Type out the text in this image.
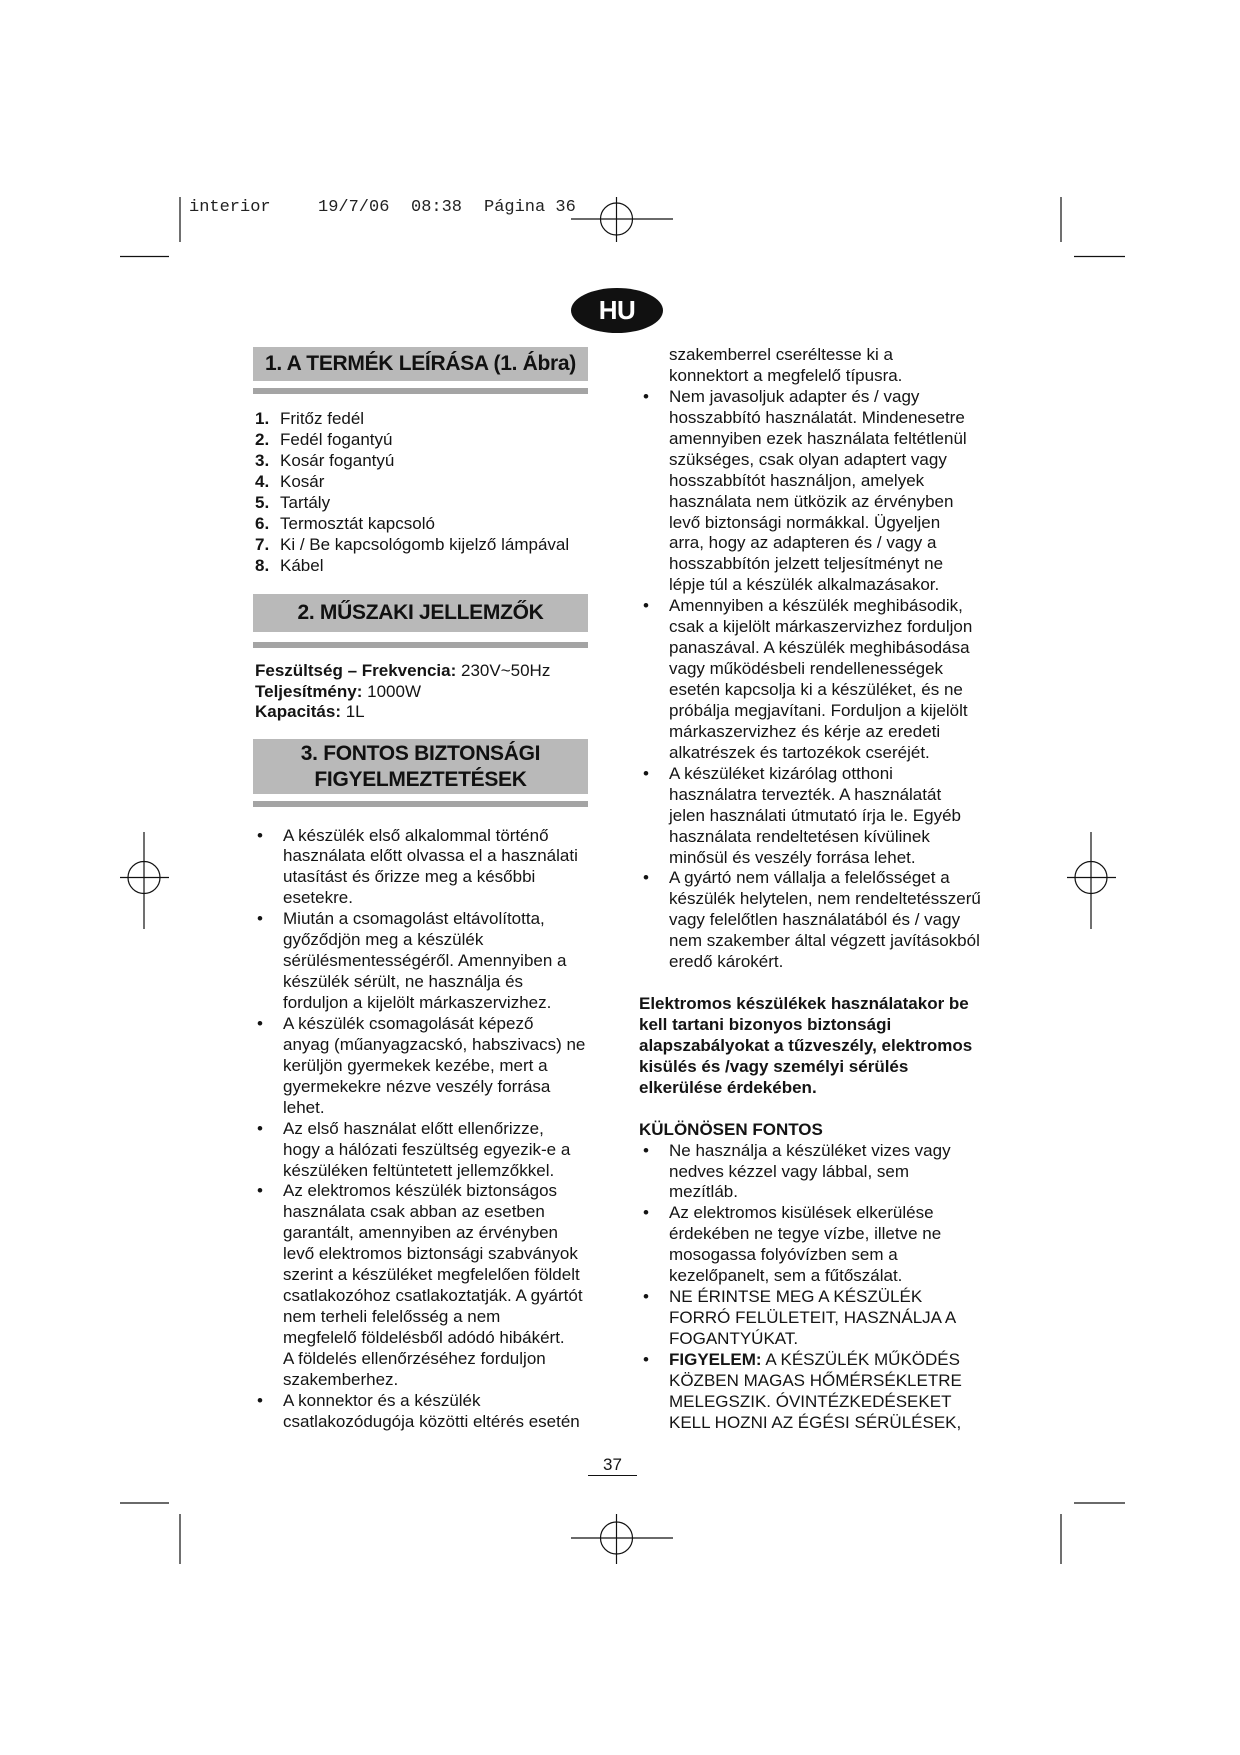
interior	19/7/06 08:38 Página 36
HU
1. A TERMÉK LEÍRÁSA (1. Ábra)
1. Fritőz fedél
2. Fedél fogantyú
3. Kosár fogantyú
4. Kosár
5. Tartály
6. Termosztát kapcsoló
7. Ki / Be kapcsológomb kijelző lámpával
8. Kábel
2. MŰSZAKI JELLEMZŐK
Feszültség – Frekvencia: 230V~50Hz
Teljesítmény: 1000W
Kapacitás: 1L
3. FONTOS BIZTONSÁGI
FIGYELMEZTETÉSEK
• A készülék első alkalommal történő
használata előtt olvassa el a használati
utasítást és őrizze meg a későbbi
esetekre.
• Miután a csomagolást eltávolította,
győződjön meg a készülék
sérülésmentességéről. Amennyiben a
készülék sérült, ne használja és
forduljon a kijelölt márkaszervizhez.
• A készülék csomagolását képező
anyag (műanyagzacskó, habszivacs) ne
kerüljön gyermekek kezébe, mert a
gyermekekre nézve veszély forrása
lehet.
• Az első használat előtt ellenőrizze,
hogy a hálózati feszültség egyezik-e a
készüléken feltüntetett jellemzőkkel.
• Az elektromos készülék biztonságos
használata csak abban az esetben
garantált, amennyiben az érvényben
levő elektromos biztonsági szabványok
szerint a készüléket megfelelően földelt
csatlakozóhoz csatlakoztatják. A gyártót
nem terheli felelősség a nem
megfelelő földelésből adódó hibákért.
A földelés ellenőrzéséhez forduljon
szakemberhez.
• A konnektor és a készülék
csatlakozódugója közötti eltérés esetén
szakemberrel cseréltesse ki a
konnektort a megfelelő típusra.
• Nem javasoljuk adapter és / vagy
hosszabbító használatát. Mindenesetre
amennyiben ezek használata feltétlenül
szükséges, csak olyan adaptert vagy
hosszabbítót használjon, amelyek
használata nem ütközik az érvényben
levő biztonsági normákkal. Ügyeljen
arra, hogy az adapteren és / vagy a
hosszabbítón jelzett teljesítményt ne
lépje túl a készülék alkalmazásakor.
• Amennyiben a készülék meghibásodik,
csak a kijelölt márkaszervizhez forduljon
panaszával. A készülék meghibásodása
vagy működésbeli rendellenességek
esetén kapcsolja ki a készüléket, és ne
próbálja megjavítani. Forduljon a kijelölt
márkaszervizhez és kérje az eredeti
alkatrészek és tartozékok cseréjét.
• A készüléket kizárólag otthoni
használatra tervezték. A használatát
jelen használati útmutató írja le. Egyéb
használata rendeltetésen kívülinek
minősül és veszély forrása lehet.
• A gyártó nem vállalja a felelősséget a
készülék helytelen, nem rendeltetésszerű
vagy felelőtlen használatából és / vagy
nem szakember által végzett javításokból
eredő károkért.
Elektromos készülékek használatakor be
kell tartani bizonyos biztonsági
alapszabályokat a tűzveszély, elektromos
kisülés és /vagy személyi sérülés
elkerülése érdekében.
KÜLÖNÖSEN FONTOS
• Ne használja a készüléket vizes vagy
nedves kézzel vagy lábbal, sem
mezítláb.
• Az elektromos kisülések elkerülése
érdekében ne tegye vízbe, illetve ne
mosogassa folyóvízben sem a
kezelőpanelt, sem a fűtőszálat.
• NE ÉRINTSE MEG A KÉSZÜLÉK
FORRÓ FELÜLETEIT, HASZNÁLJA A
FOGANTYÚKAT.
• FIGYELEM: A KÉSZÜLÉK MŰKÖDÉS
KÖZBEN MAGAS HŐMÉRSÉKLETRE
MELEGSZIK. ÓVINTÉZKEDÉSEKET
KELL HOZNI AZ ÉGÉSI SÉRÜLÉSEK,
37
